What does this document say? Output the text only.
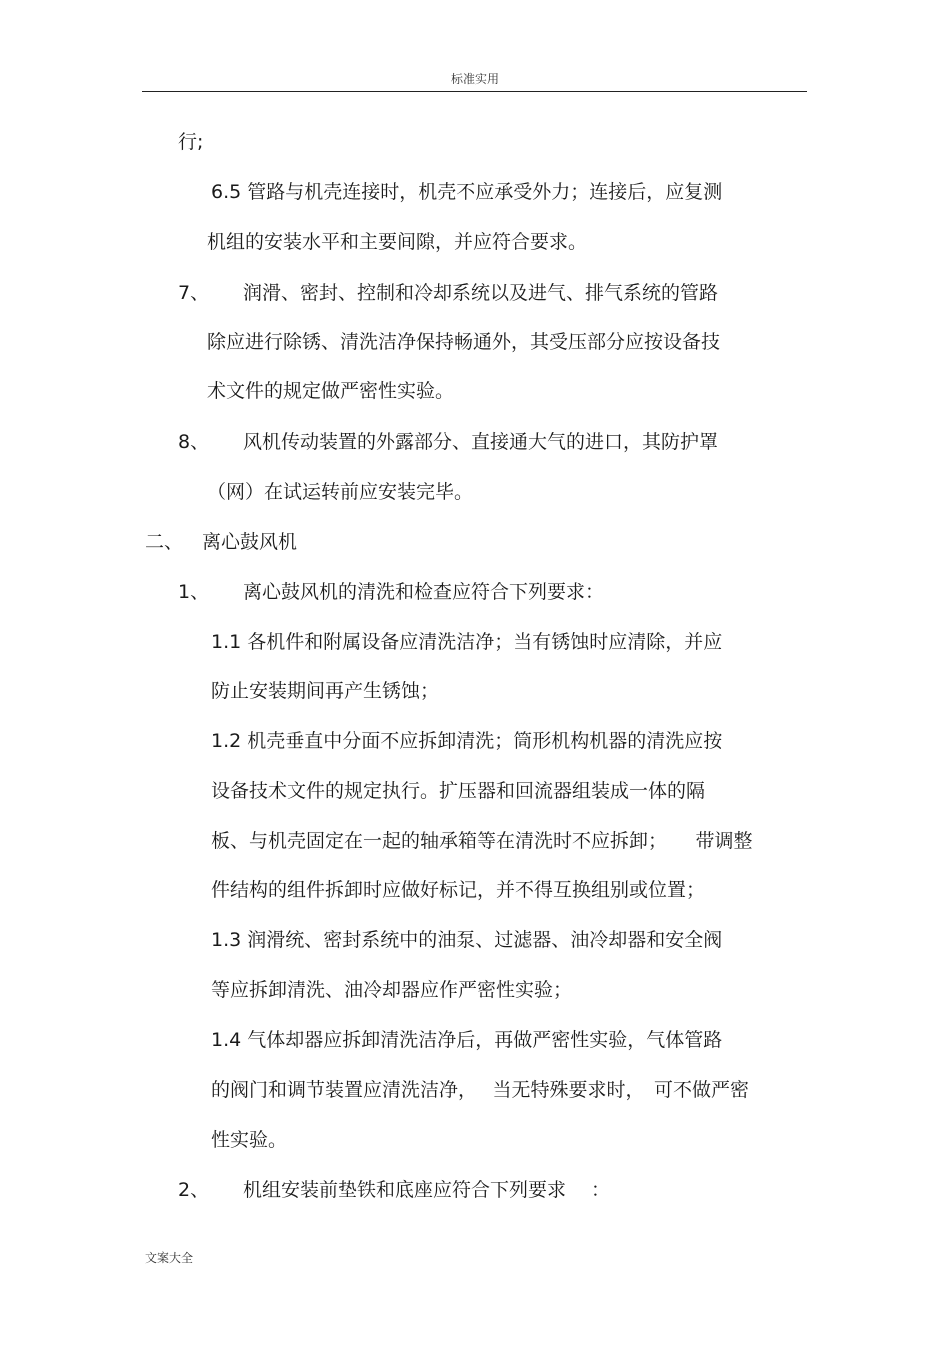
标准实用
行;
6.5 管路与机壳连接时，机壳不应承受外力；连接后，应复测
机组的安装水平和主要间隙，并应符合要求。
7、 润滑、密封、控制和冷却系统以及进气、排气系统的管路
除应进行除锈、清洗洁净保持畅通外，其受压部分应按设备技
术文件的规定做严密性实验。
8、 风机传动装置的外露部分、直接通大气的进口，其防护罩
（网）在试运转前应安装完毕。
二、 离心鼓风机
1、 离心鼓风机的清洗和检查应符合下列要求：
1.1 各机件和附属设备应清洗洁净；当有锈蚀时应清除，并应
防止安装期间再产生锈蚀；
1.2 机壳垂直中分面不应拆卸清洗；筒形机构机器的清洗应按
设备技术文件的规定执行。扩压器和回流器组装成一体的隔
板、与机壳固定在一起的轴承箱等在清洗时不应拆卸；　　带调整
件结构的组件拆卸时应做好标记，并不得互换组别或位置；
1.3 润滑统、密封系统中的油泵、过滤器、油冷却器和安全阀
等应拆卸清洗、油冷却器应作严密性实验；
1.4 气体却器应拆卸清洗洁净后，再做严密性实验，气体管路
的阀门和调节装置应清洗洁净，　 当无特殊要求时，　可不做严密
性实验。
2、 机组安装前垫铁和底座应符合下列要求　 ：
文案大全
